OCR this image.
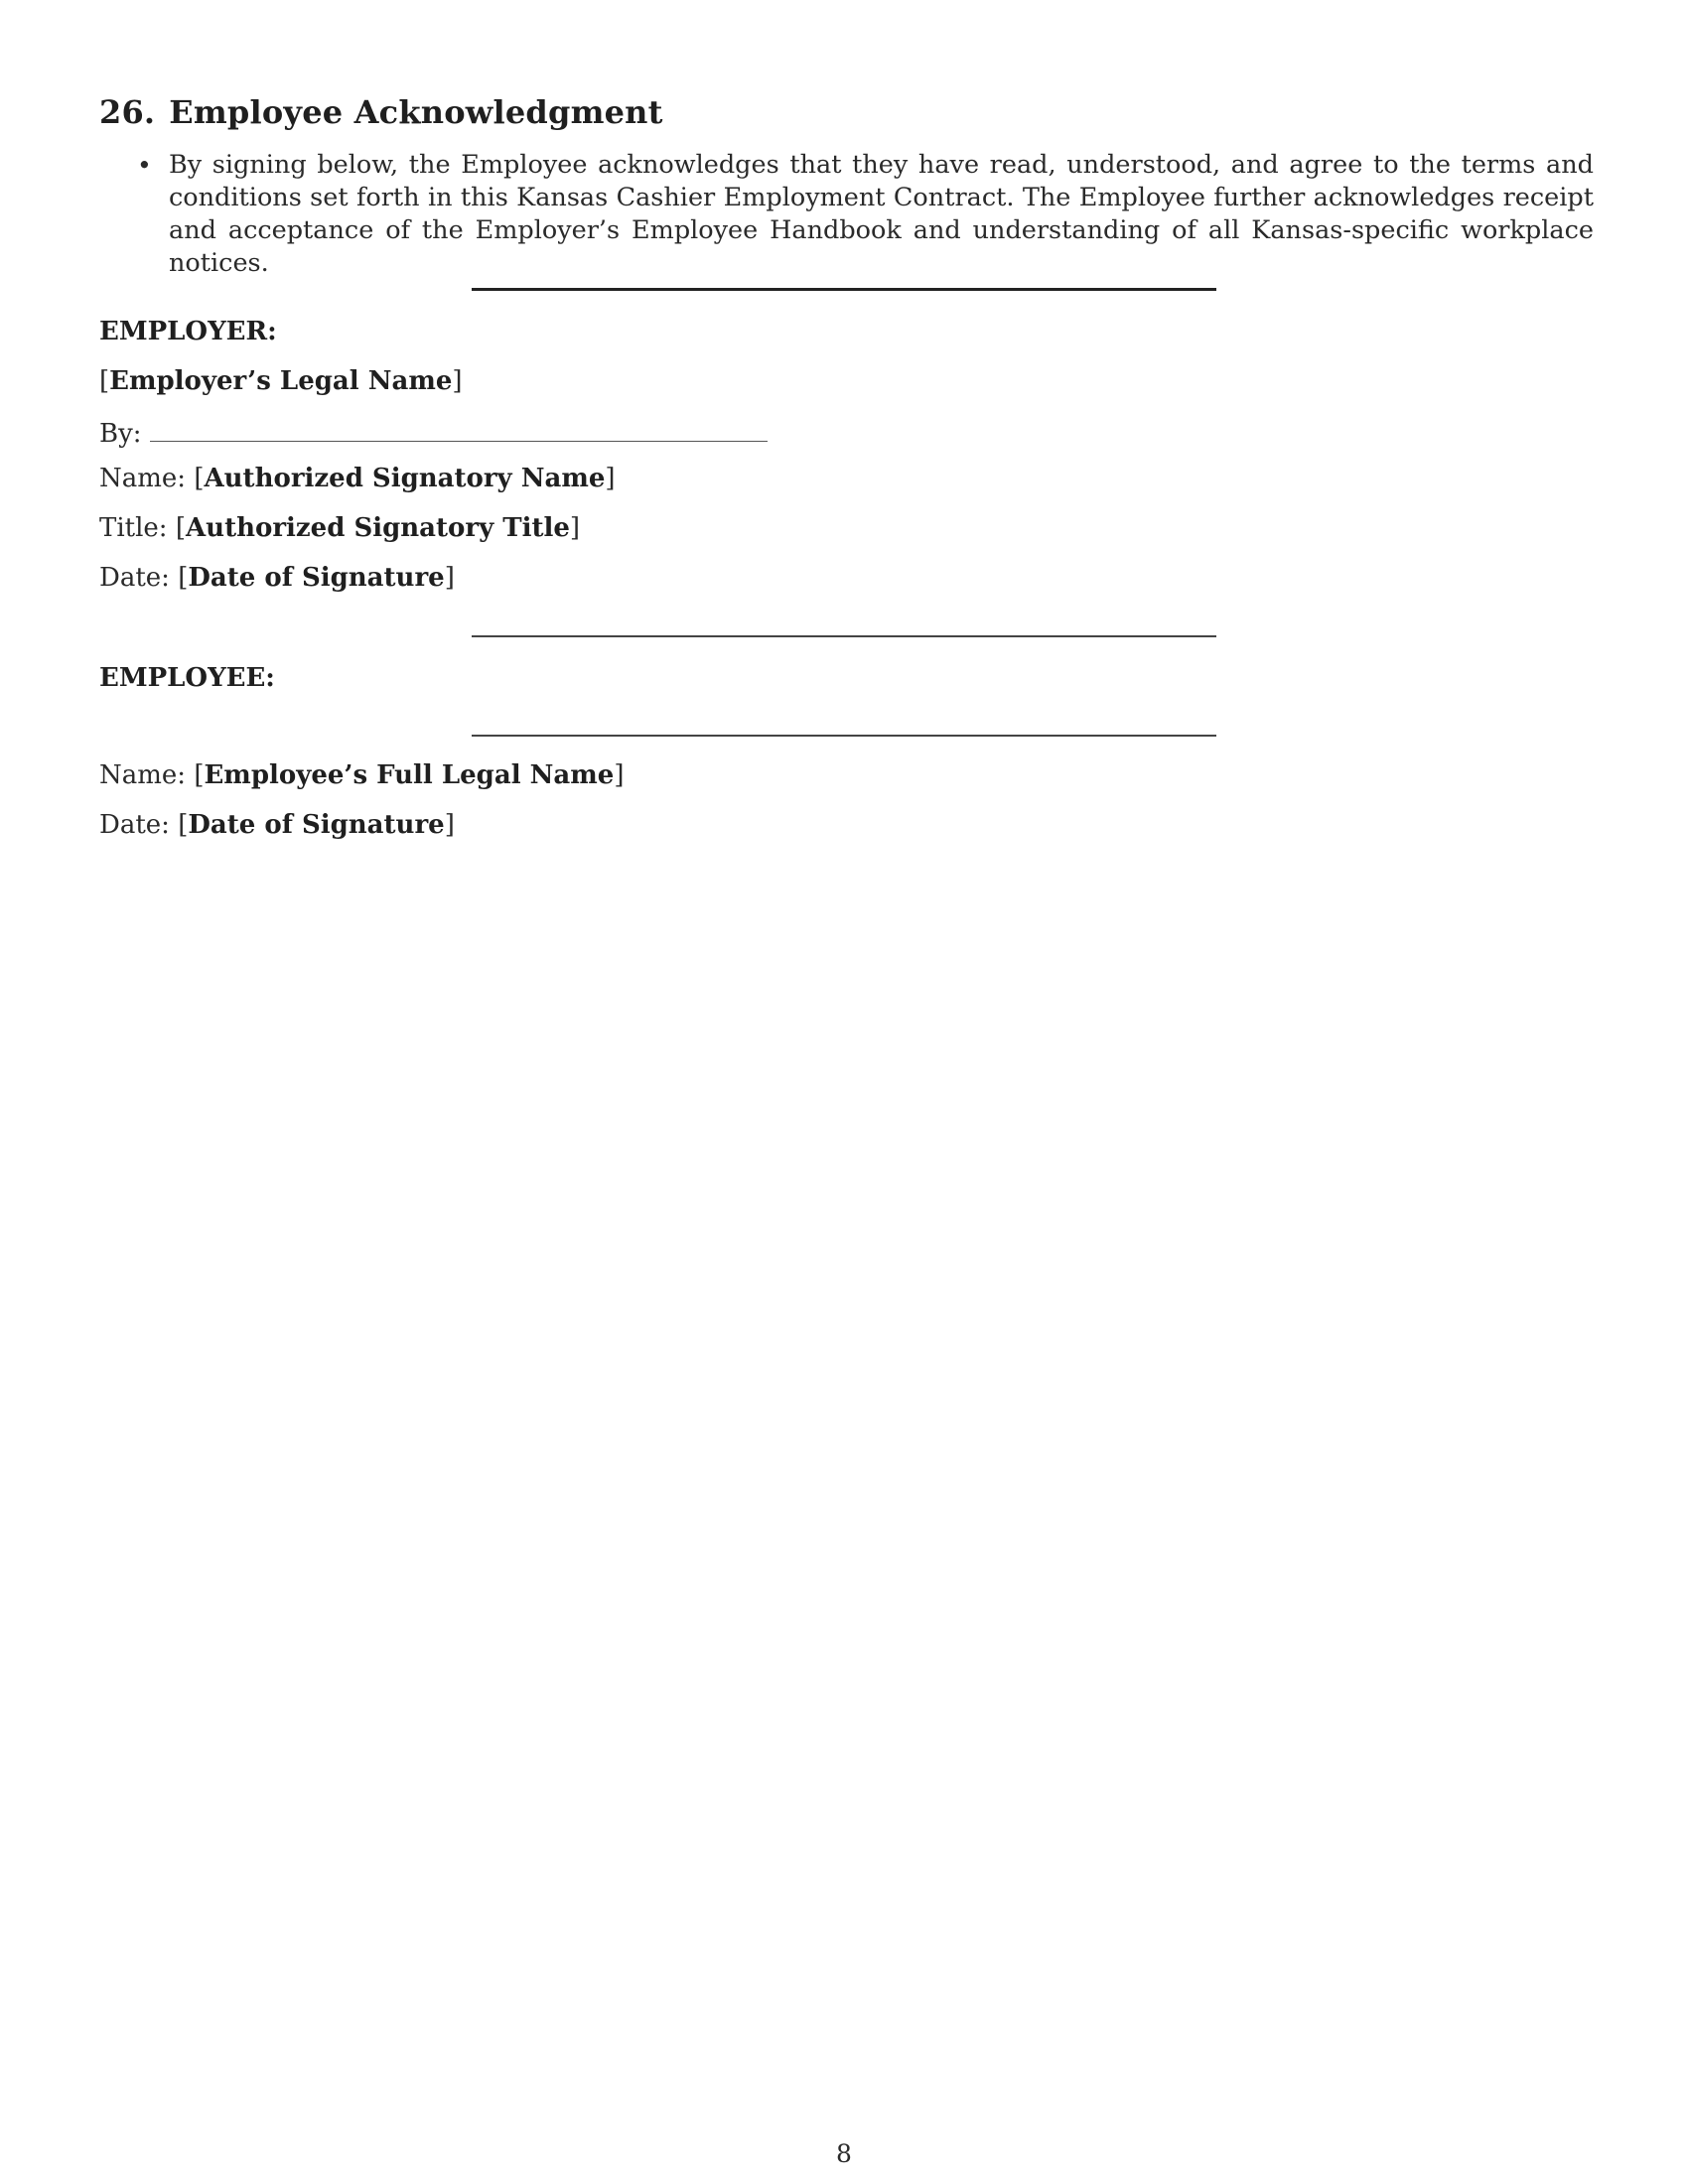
26. Employee Acknowledgment
• By signing below, the Employee acknowledges that they have read, understood, and agree to the terms and conditions set forth in this Kansas Cashier Employment Contract. The Employee further acknowledges receipt and acceptance of the Employer’s Employee Handbook and understanding of all Kansas-specific workplace notices.
EMPLOYER:
[Employer’s Legal Name]
By:
Name: [Authorized Signatory Name]
Title: [Authorized Signatory Title]
Date: [Date of Signature]
EMPLOYEE:
Name: [Employee’s Full Legal Name]
Date: [Date of Signature]
8
